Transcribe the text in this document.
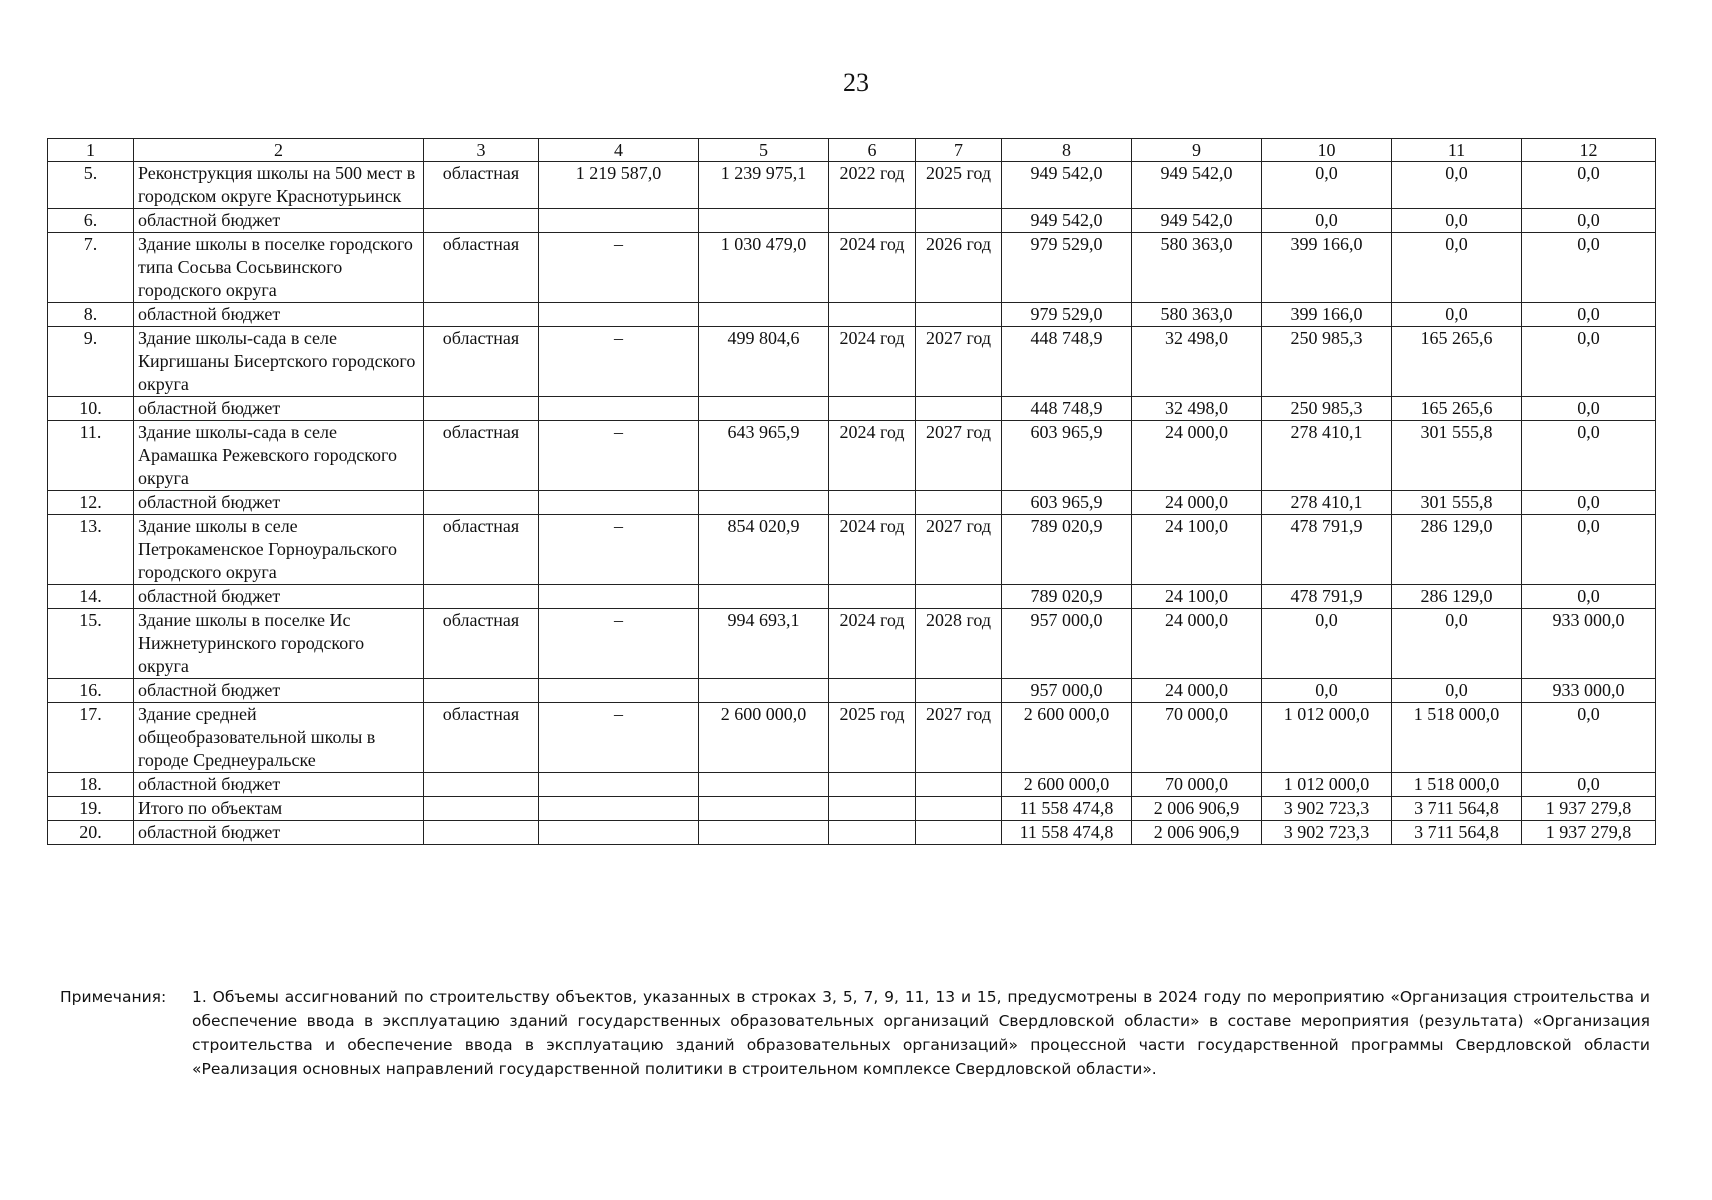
23
1	2	3	4	5	6	7	8	9	10	11	12
5.	Реконструкция школы на 500 мест в городском округе Краснотурьинск	областная	1 219 587,0	1 239 975,1	2022 год	2025 год	949 542,0	949 542,0	0,0	0,0	0,0
6.	областной бюджет						949 542,0	949 542,0	0,0	0,0	0,0
7.	Здание школы в поселке городского типа Сосьва Сосьвинского городского округа	областная	–	1 030 479,0	2024 год	2026 год	979 529,0	580 363,0	399 166,0	0,0	0,0
8.	областной бюджет						979 529,0	580 363,0	399 166,0	0,0	0,0
9.	Здание школы-сада в селе Киргишаны Бисертского городского округа	областная	–	499 804,6	2024 год	2027 год	448 748,9	32 498,0	250 985,3	165 265,6	0,0
10.	областной бюджет						448 748,9	32 498,0	250 985,3	165 265,6	0,0
11.	Здание школы-сада в селе Арамашка Режевского городского округа	областная	–	643 965,9	2024 год	2027 год	603 965,9	24 000,0	278 410,1	301 555,8	0,0
12.	областной бюджет						603 965,9	24 000,0	278 410,1	301 555,8	0,0
13.	Здание школы в селе Петрокаменское Горноуральского городского округа	областная	–	854 020,9	2024 год	2027 год	789 020,9	24 100,0	478 791,9	286 129,0	0,0
14.	областной бюджет						789 020,9	24 100,0	478 791,9	286 129,0	0,0
15.	Здание школы в поселке Ис Нижнетуринского городского округа	областная	–	994 693,1	2024 год	2028 год	957 000,0	24 000,0	0,0	0,0	933 000,0
16.	областной бюджет						957 000,0	24 000,0	0,0	0,0	933 000,0
17.	Здание средней общеобразовательной школы в городе Среднеуральске	областная	–	2 600 000,0	2025 год	2027 год	2 600 000,0	70 000,0	1 012 000,0	1 518 000,0	0,0
18.	областной бюджет						2 600 000,0	70 000,0	1 012 000,0	1 518 000,0	0,0
19.	Итого по объектам						11 558 474,8	2 006 906,9	3 902 723,3	3 711 564,8	1 937 279,8
20.	областной бюджет						11 558 474,8	2 006 906,9	3 902 723,3	3 711 564,8	1 937 279,8
Примечания:	1. Объемы ассигнований по строительству объектов, указанных в строках 3, 5, 7, 9, 11, 13 и 15, предусмотрены в 2024 году по мероприятию «Организация строительства и обеспечение ввода в эксплуатацию зданий государственных образовательных организаций Свердловской области» в составе мероприятия (результата) «Организация строительства и обеспечение ввода в эксплуатацию зданий образовательных организаций» процессной части государственной программы Свердловской области «Реализация основных направлений государственной политики в строительном комплексе Свердловской области».
